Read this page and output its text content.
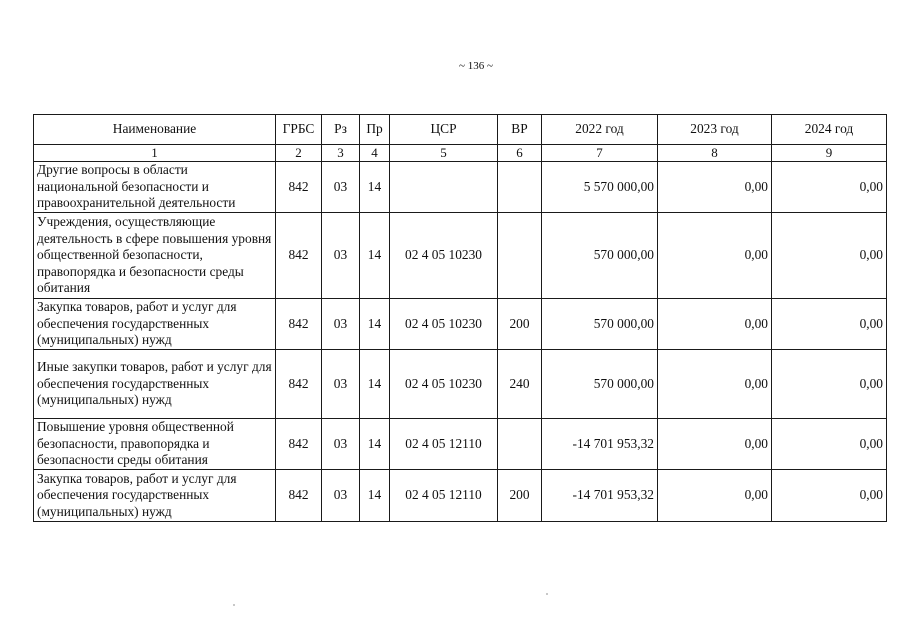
~ 136 ~
Наименование	ГРБС	Рз	Пр	ЦСР	ВР	2022 год	2023 год	2024 год
1	2	3	4	5	6	7	8	9
Другие вопросы в области национальной безопасности и правоохранительной деятельности	842	03	14			5 570 000,00	0,00	0,00
Учреждения, осуществляющие деятельность в сфере повышения уровня общественной безопасности, правопорядка и безопасности среды обитания	842	03	14	02 4 05 10230		570 000,00	0,00	0,00
Закупка товаров, работ и услуг для обеспечения государственных (муниципальных) нужд	842	03	14	02 4 05 10230	200	570 000,00	0,00	0,00
Иные закупки товаров, работ и услуг для обеспечения государственных (муниципальных) нужд	842	03	14	02 4 05 10230	240	570 000,00	0,00	0,00
Повышение уровня общественной безопасности, правопорядка и безопасности среды обитания	842	03	14	02 4 05 12110		-14 701 953,32	0,00	0,00
Закупка товаров, работ и услуг для обеспечения государственных (муниципальных) нужд	842	03	14	02 4 05 12110	200	-14 701 953,32	0,00	0,00
